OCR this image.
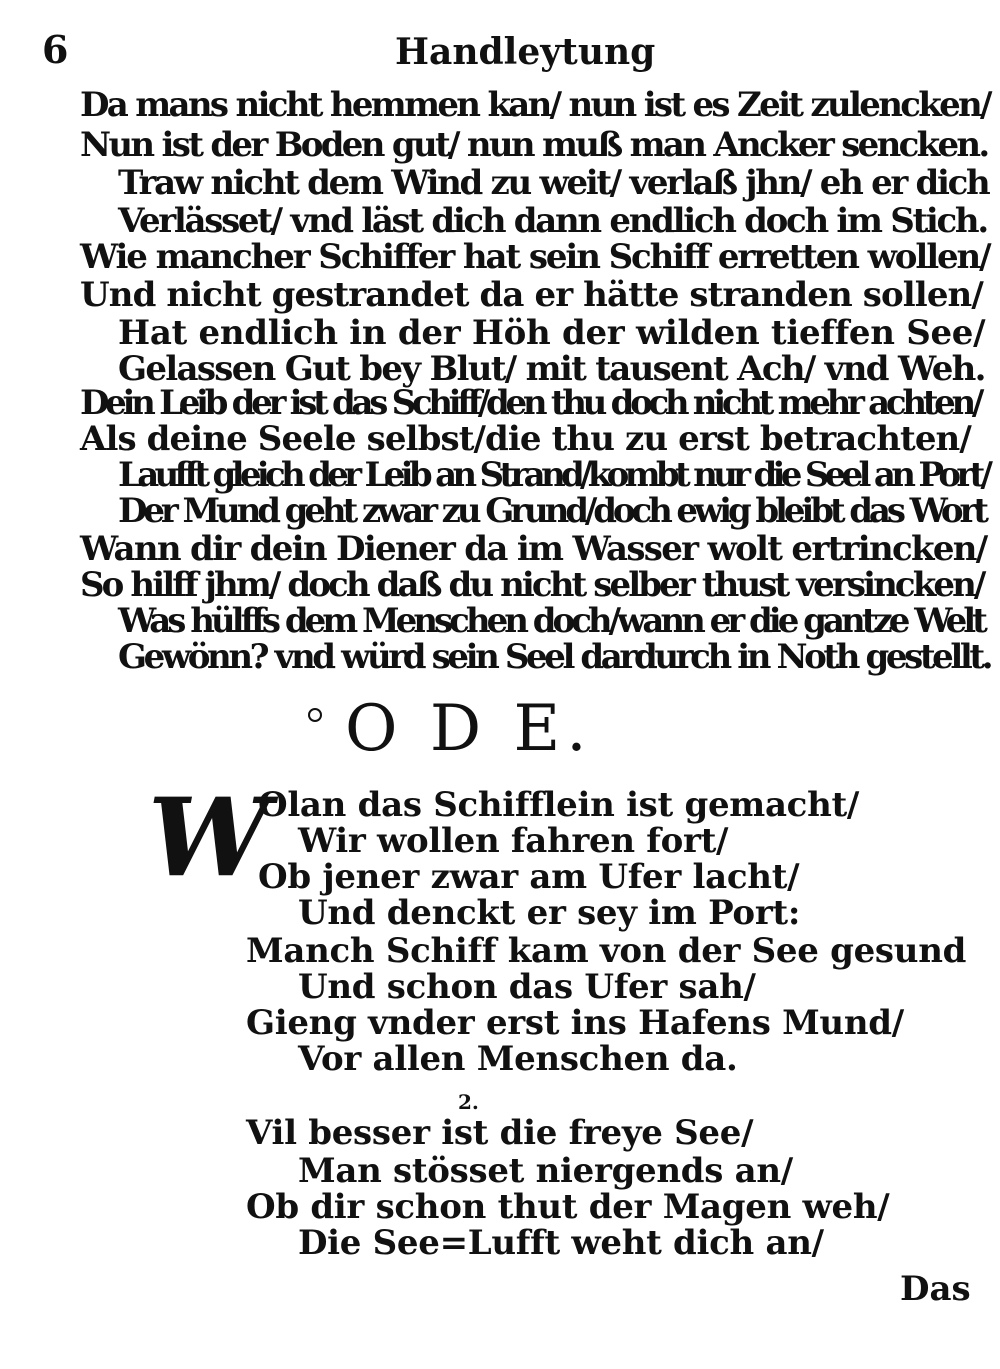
6	Handleytung
Da mans nicht hemmen kan/ nun ist es Zeit zulencken/
Nun ist der Boden gut/ nun muß man Ancker sencken.
Traw nicht dem Wind zu weit/ verlaß jhn/ eh er dich
Verlässet/ vnd läst dich dann endlich doch im Stich.
Wie mancher Schiffer hat sein Schiff erretten wollen/
Und nicht gestrandet da er hätte stranden sollen/
Hat endlich in der Höh der wilden tieffen See/
Gelassen Gut bey Blut/ mit tausent Ach/ vnd Weh.
Dein Leib der ist das Schiff/den thu doch nicht mehr achten/
Als deine Seele selbst/die thu zu erst betrachten/
Laufft gleich der Leib an Strand/kombt nur die Seel an Port/
Der Mund geht zwar zu Grund/doch ewig bleibt das Wort
Wann dir dein Diener da im Wasser wolt ertrincken/
So hilff jhm/ doch daß du nicht selber thust versincken/
Was hülffs dem Menschen doch/wann er die gantze Welt
Gewönn? vnd würd sein Seel dardurch in Noth gestellt.
O D E.
W
Olan das Schifflein ist gemacht/
Wir wollen fahren fort/
Ob jener zwar am Ufer lacht/
Und denckt er sey im Port:
Manch Schiff kam von der See gesund
Und schon das Ufer sah/
Gieng vnder erst ins Hafens Mund/
Vor allen Menschen da.
2.
Vil besser ist die freye See/
Man stösset niergends an/
Ob dir schon thut der Magen weh/
Die See=Lufft weht dich an/
Das
